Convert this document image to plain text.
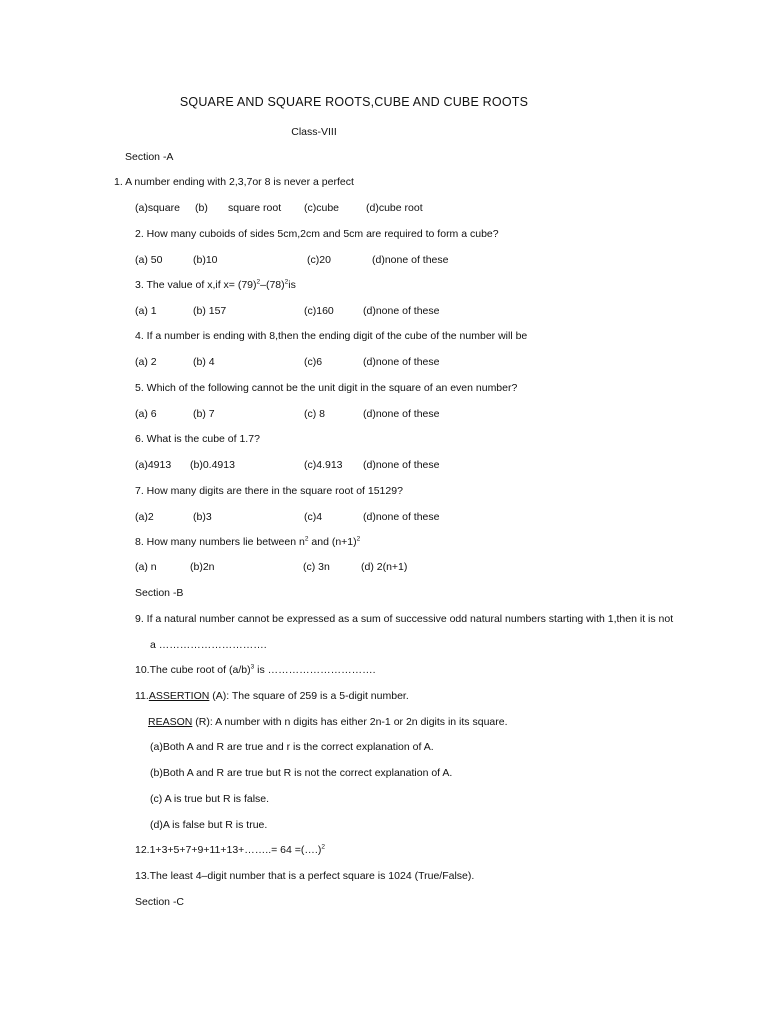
SQUARE AND SQUARE ROOTS,CUBE AND CUBE ROOTS
Class-VIII
Section -A
1. A number ending with 2,3,7or 8 is never a perfect
(a)square (b) square root (c)cube	(d)cube root
2. How many cuboids of sides 5cm,2cm and 5cm are required to form a cube?
(a) 50	(b)10	(c)20	(d)none of these
3. The value of x,if $x= (79)^2-(78)^2is$
(a) 1	(b) 157	(c)160	(d)none of these
4. If a number is ending with 8,then the ending digit of the cube of the number will be
(a) 2	(b) 4	(c)6	(d)none of these
5. Which of the following cannot be the unit digit in the square of an even number?
(a) 6	(b) 7	(c) 8	(d)none of these
6. What is the cube of 1.7?
(a)4913 (b)0.4913	(c)4.913 (d)none of these
7. How many digits are there in the square root of 15129?
(a)2	(b)3	(c)4	(d)none of these
8. How many numbers lie between $n^2$ and $(n+1)^2$
(a) n	(b)2n	(c) 3n	(d) 2(n+1)
Section -B
9. If a natural number cannot be expressed as a sum of successive odd natural numbers starting with 1,then it is not
a ………………………….
10.The cube root of $(a/b)^3$ is ………………………….
11.ASSERTION (A): The square of 259 is a 5-digit number.
REASON (R): A number with n digits has either 2n-1 or 2n digits in its square.
(a)Both A and R are true and r is the correct explanation of A.
(b)Both A and R are true but R is not the correct explanation of A.
(c) A is true but R is false.
(d)A is false but R is true.
12.1+3+5+7+9+11+13+……..= 64 =(….)$^2$
13.The least 4–digit number that is a perfect square is 1024 (True/False).
Section -C
